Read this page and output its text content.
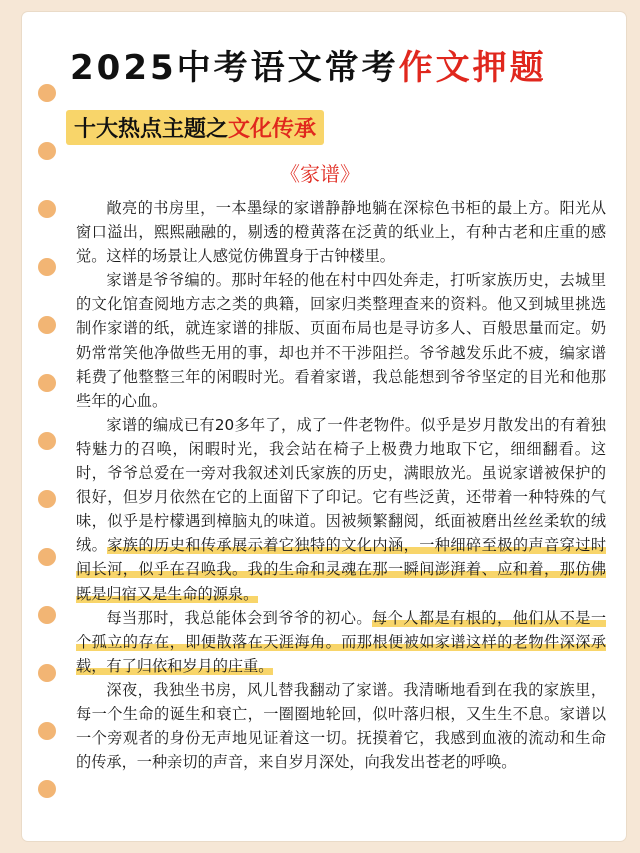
2025中考语文常考作文押题
十大热点主题之文化传承
《家谱》

敞亮的书房里，一本墨绿的家谱静静地躺在深棕色书柜的最上方。阳光从窗口溢出，熙熙融融的，剔透的橙黄落在泛黄的纸业上，有种古老和庄重的感觉。这样的场景让人感觉仿佛置身于古钟楼里。

家谱是爷爷编的。那时年轻的他在村中四处奔走，打听家族历史，去城里的文化馆查阅地方志之类的典籍，回家归类整理查来的资料。他又到城里挑选制作家谱的纸，就连家谱的排版、页面布局也是寻访多人、百般思量而定。奶奶常常笑他净做些无用的事，却也并不干涉阻拦。爷爷越发乐此不疲，编家谱耗费了他整整三年的闲暇时光。看着家谱，我总能想到爷爷坚定的目光和他那些年的心血。

家谱的编成已有20多年了，成了一件老物件。似乎是岁月散发出的有着独特魅力的召唤，闲暇时光，我会站在椅子上极费力地取下它，细细翻看。这时，爷爷总爱在一旁对我叙述刘氏家族的历史，满眼放光。虽说家谱被保护的很好，但岁月依然在它的上面留下了印记。它有些泛黄，还带着一种特殊的气味，似乎是柠檬遇到樟脑丸的味道。因被频繁翻阅，纸面被磨出丝丝柔软的绒绒。家族的历史和传承展示着它独特的文化内涵，一种细碎至极的声音穿过时间长河，似乎在召唤我。我的生命和灵魂在那一瞬间澎湃着、应和着，那仿佛既是归宿又是生命的源泉。

每当那时，我总能体会到爷爷的初心。每个人都是有根的，他们从不是一个孤立的存在，即便散落在天涯海角。而那根便被如家谱这样的老物件深深承载，有了归依和岁月的庄重。

深夜，我独坐书房，风儿替我翻动了家谱。我清晰地看到在我的家族里，每一个生命的诞生和衰亡，一圈圈地轮回，似叶落归根，又生生不息。家谱以一个旁观者的身份无声地见证着这一切。抚摸着它，我感到血液的流动和生命的传承，一种亲切的声音，来自岁月深处，向我发出苍老的呼唤。
